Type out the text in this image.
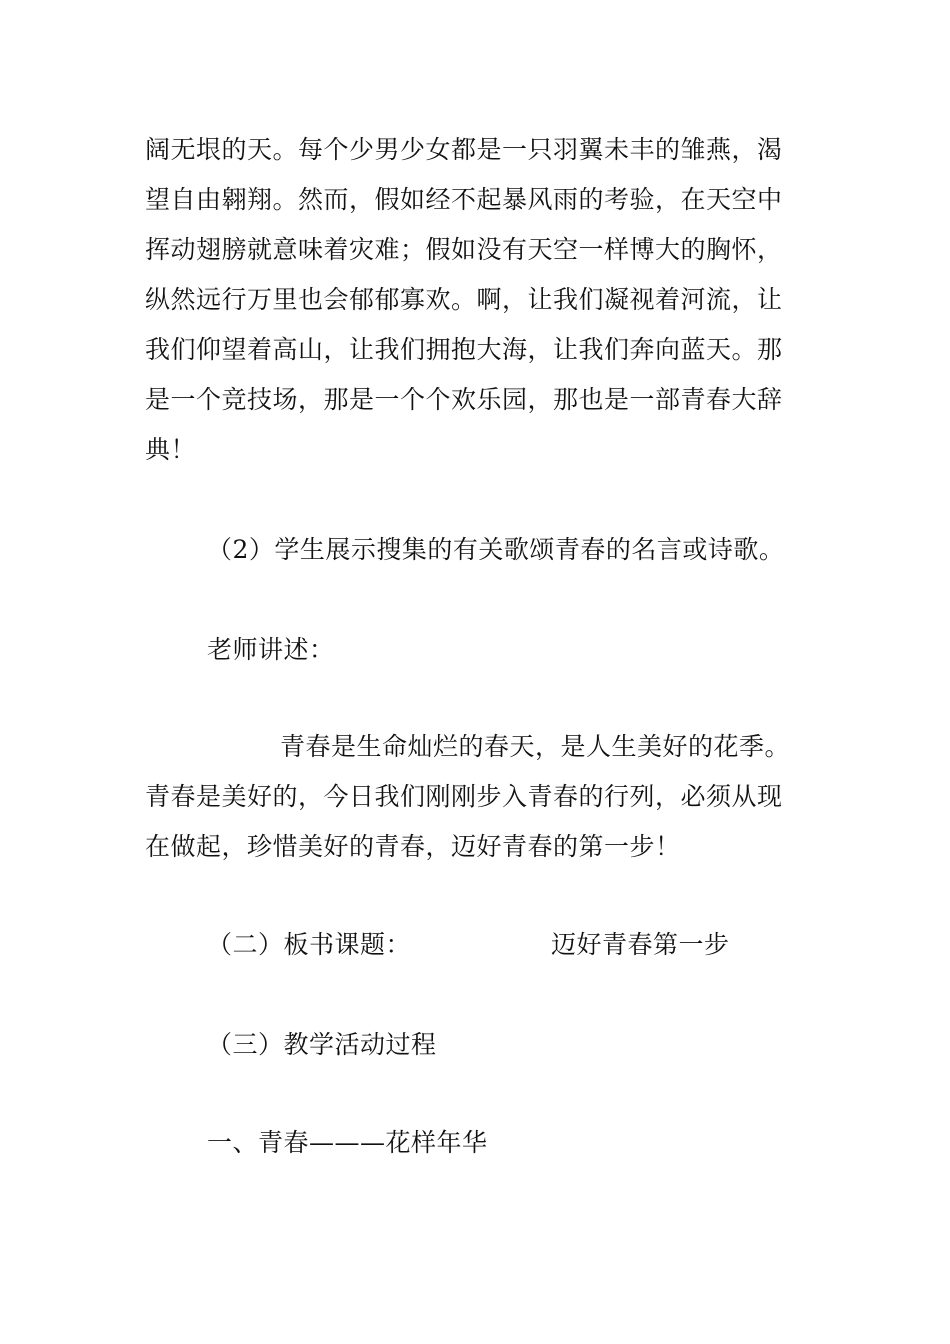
阔无垠的天。每个少男少女都是一只羽翼未丰的雏燕，渴
望自由翱翔。然而，假如经不起暴风雨的考验，在天空中
挥动翅膀就意味着灾难；假如没有天空一样博大的胸怀，
纵然远行万里也会郁郁寡欢。啊，让我们凝视着河流，让
我们仰望着高山，让我们拥抱大海，让我们奔向蓝天。那
是一个竞技场，那是一个个欢乐园，那也是一部青春大辞
典！
（2）学生展示搜集的有关歌颂青春的名言或诗歌。
老师讲述：
青春是生命灿烂的春天，是人生美好的花季。
青春是美好的，今日我们刚刚步入青春的行列，必须从现
在做起，珍惜美好的青春，迈好青春的第一步！
（二）板书课题：	迈好青春第一步
（三）教学活动过程
一、青春———花样年华
